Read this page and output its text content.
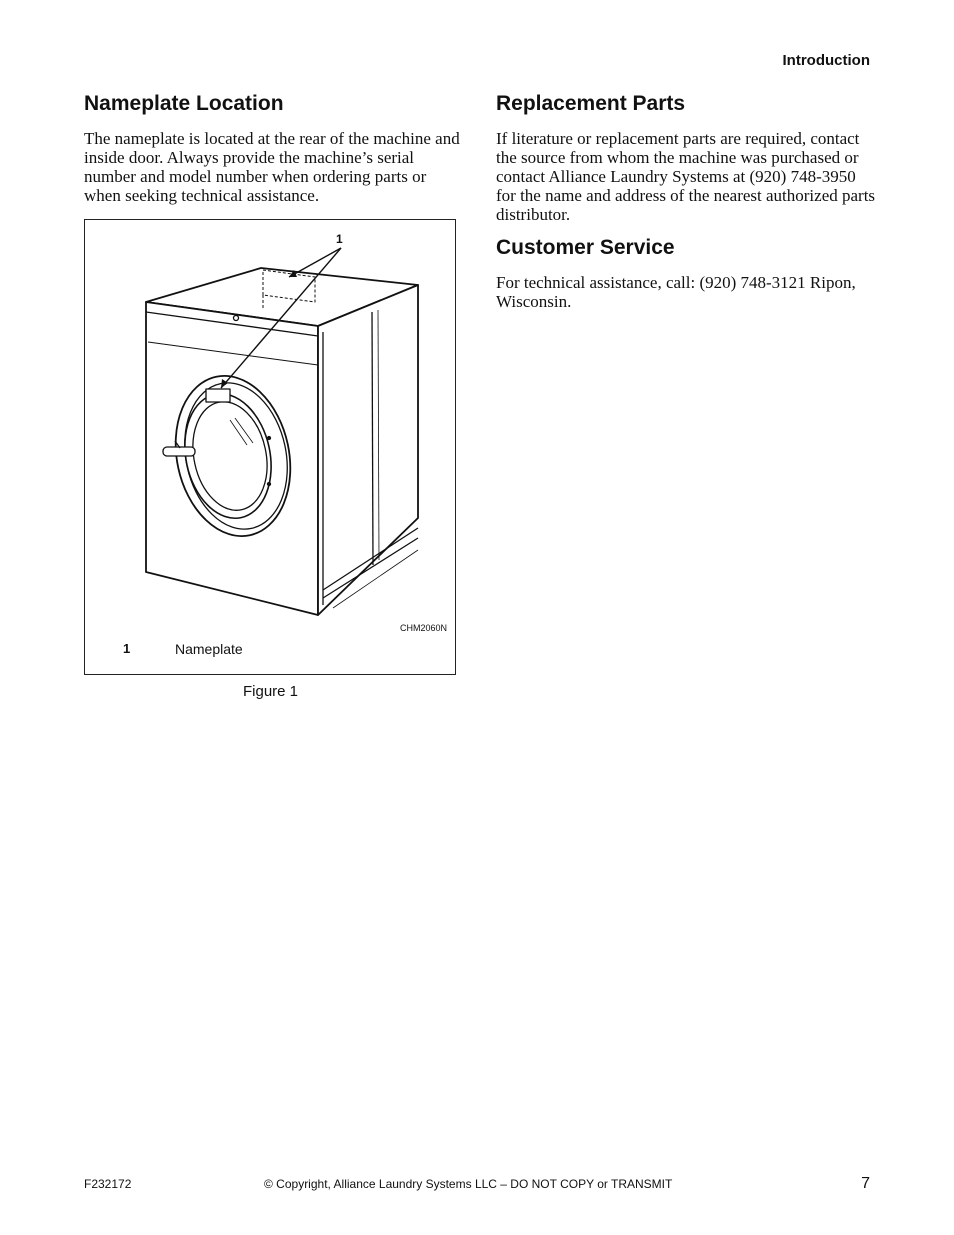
Introduction
Nameplate Location

The nameplate is located at the rear of the machine and inside door. Always provide the machine’s serial number and model number when ordering parts or when seeking technical assistance.

1
CHM2060N
1	Nameplate
Figure 1
Replacement Parts

If literature or replacement parts are required, contact the source from whom the machine was purchased or contact Alliance Laundry Systems at (920) 748-3950 for the name and address of the nearest authorized parts distributor.

Customer Service

For technical assistance, call: (920) 748-3121 Ripon, Wisconsin.

F232172	© Copyright, Alliance Laundry Systems LLC – DO NOT COPY or TRANSMIT	7
